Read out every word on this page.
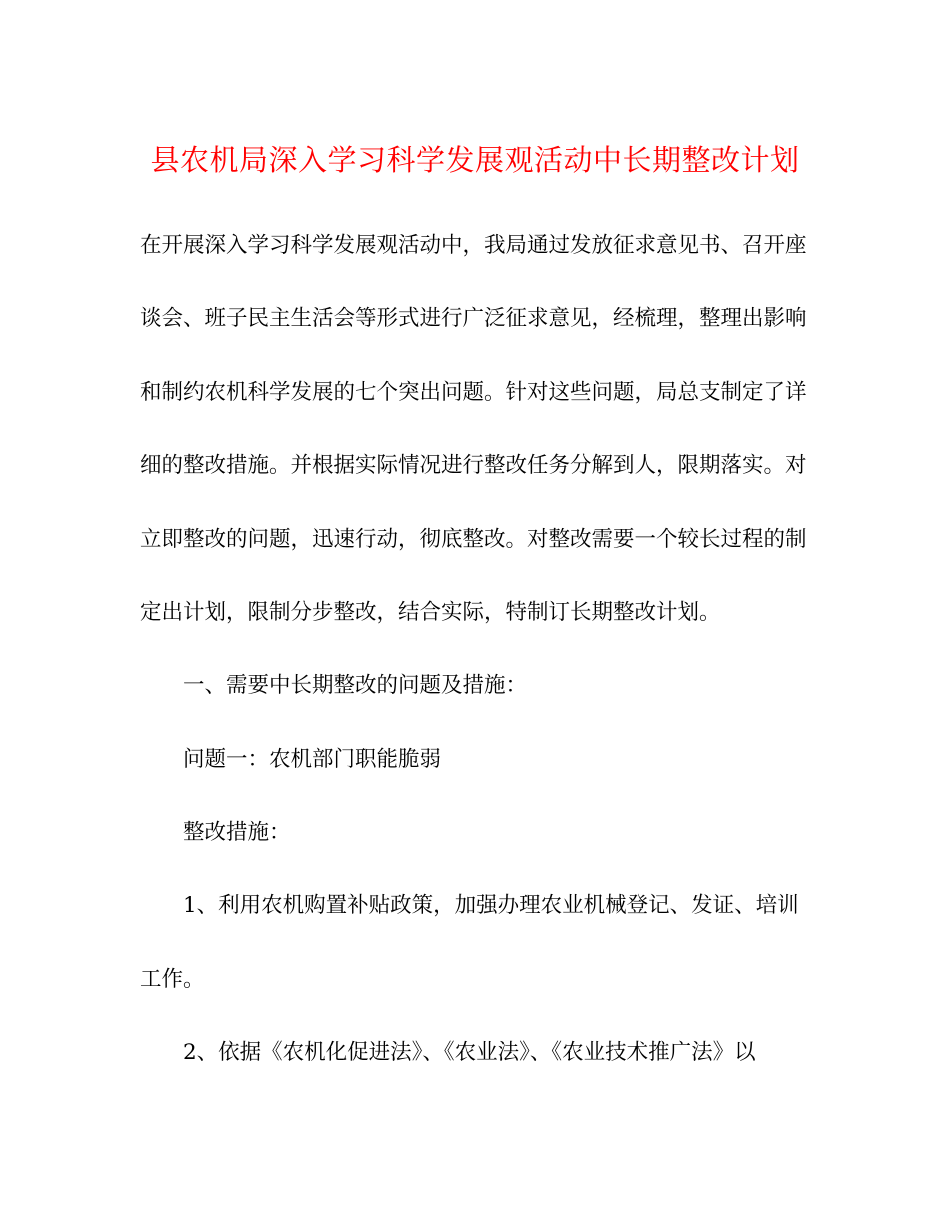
县农机局深入学习科学发展观活动中长期整改计划

在开展深入学习科学发展观活动中，我局通过发放征求意见书、召开座

谈会、班子民主生活会等形式进行广泛征求意见，经梳理，整理出影响

和制约农机科学发展的七个突出问题。针对这些问题，局总支制定了详

细的整改措施。并根据实际情况进行整改任务分解到人，限期落实。对

立即整改的问题，迅速行动，彻底整改。对整改需要一个较长过程的制

定出计划，限制分步整改，结合实际，特制订长期整改计划。

一、需要中长期整改的问题及措施：

问题一：农机部门职能脆弱

整改措施：

1、利用农机购置补贴政策，加强办理农业机械登记、发证、培训

工作。

2、依据《农机化促进法》、《农业法》、《农业技术推广法》以
